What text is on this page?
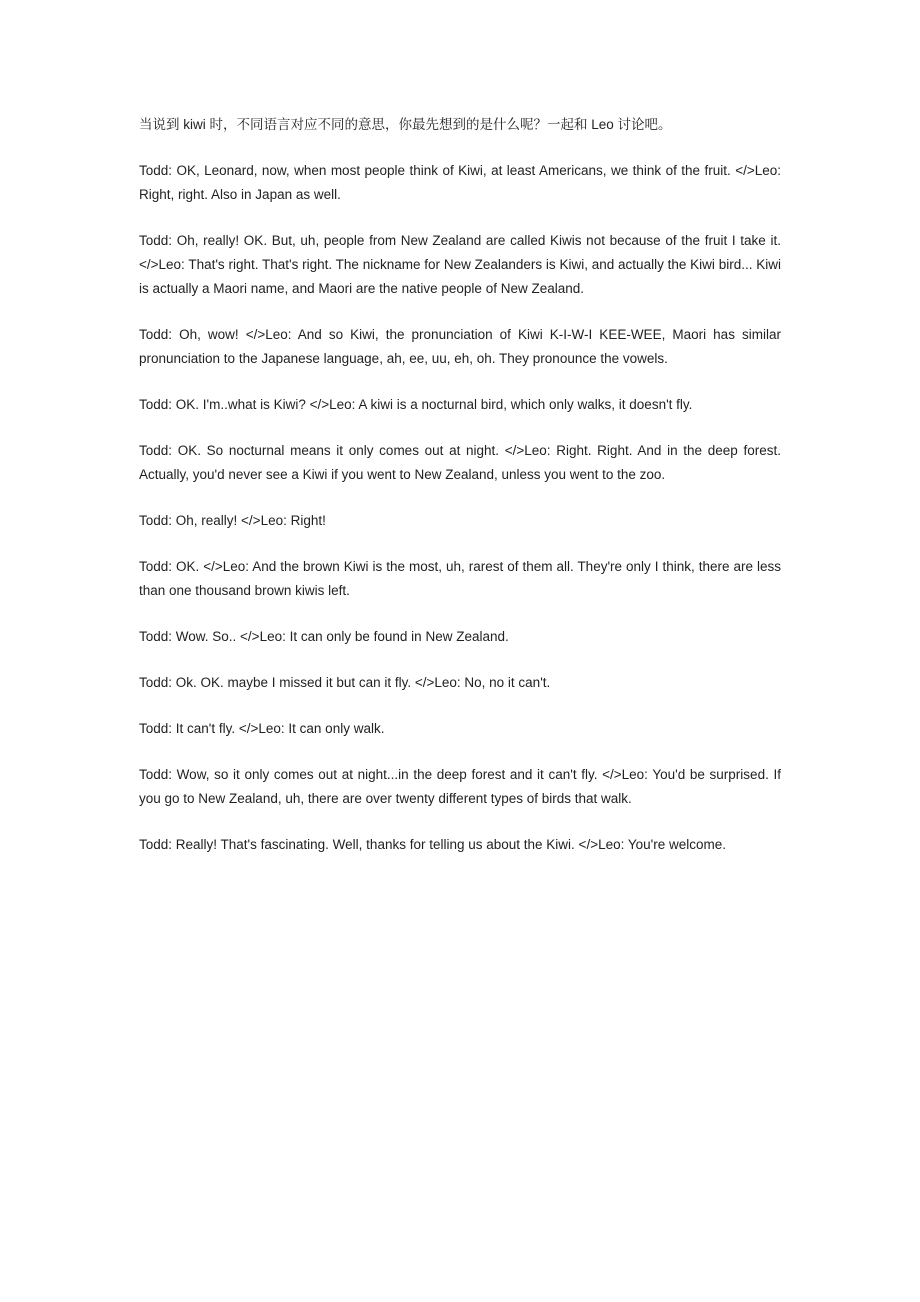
当说到 kiwi 时，不同语言对应不同的意思，你最先想到的是什么呢？一起和 Leo 讨论吧。

Todd: OK, Leonard, now, when most people think of Kiwi, at least Americans, we think of the fruit. </>Leo: Right, right. Also in Japan as well.

Todd: Oh, really! OK. But, uh, people from New Zealand are called Kiwis not because of the fruit I take it. </>Leo: That's right. That's right. The nickname for New Zealanders is Kiwi, and actually the Kiwi bird... Kiwi is actually a Maori name, and Maori are the native people of New Zealand.

Todd: Oh, wow! </>Leo: And so Kiwi, the pronunciation of Kiwi K-I-W-I KEE-WEE, Maori has similar pronunciation to the Japanese language, ah, ee, uu, eh, oh. They pronounce the vowels.

Todd: OK. I'm..what is Kiwi? </>Leo: A kiwi is a nocturnal bird, which only walks, it doesn't fly.

Todd: OK. So nocturnal means it only comes out at night. </>Leo: Right. Right. And in the deep forest. Actually, you'd never see a Kiwi if you went to New Zealand, unless you went to the zoo.

Todd: Oh, really! </>Leo: Right!

Todd: OK. </>Leo: And the brown Kiwi is the most, uh, rarest of them all. They're only I think, there are less than one thousand brown kiwis left.

Todd: Wow. So.. </>Leo: It can only be found in New Zealand.

Todd: Ok. OK. maybe I missed it but can it fly. </>Leo: No, no it can't.

Todd: It can't fly. </>Leo: It can only walk.

Todd: Wow, so it only comes out at night...in the deep forest and it can't fly. </>Leo: You'd be surprised. If you go to New Zealand, uh, there are over twenty different types of birds that walk.

Todd: Really! That's fascinating. Well, thanks for telling us about the Kiwi. </>Leo: You're welcome.
